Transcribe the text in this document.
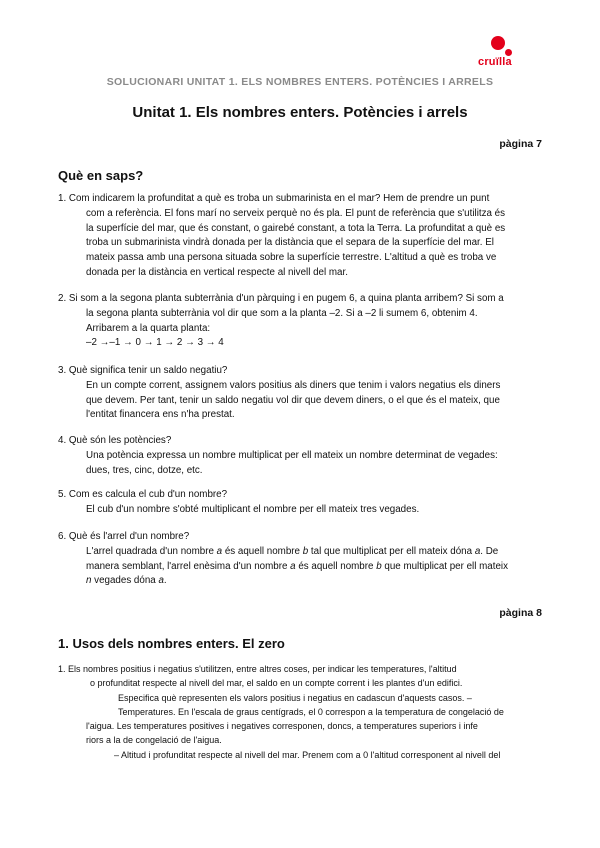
cruïlla
SOLUCIONARI UNITAT 1. ELS NOMBRES ENTERS. POTÈNCIES I ARRELS
Unitat 1. Els nombres enters. Potències i arrels
pàgina 7
Què en saps?
1. Com indicarem la profunditat a què es troba un submarinista en el mar? Hem de prendre un punt
com a referència. El fons marí no serveix perquè no és pla. El punt de referència que s'utilitza és
la superfície del mar, que és constant, o gairebé constant, a tota la Terra. La profunditat a què es
troba un submarinista vindrà donada per la distància que el separa de la superfície del mar. El
mateix passa amb una persona situada sobre la superfície terrestre. L'altitud a què es troba ve
donada per la distància en vertical respecte al nivell del mar.
2. Si som a la segona planta subterrània d'un pàrquing i en pugem 6, a quina planta arribem? Si som a
la segona planta subterrània vol dir que som a la planta –2. Si a –2 li sumem 6, obtenim 4.
Arribarem a la quarta planta:
–2 →–1 → 0 → 1 → 2 → 3 → 4
3. Què significa tenir un saldo negatiu?
En un compte corrent, assignem valors positius als diners que tenim i valors negatius els diners
que devem. Per tant, tenir un saldo negatiu vol dir que devem diners, o el que és el mateix, que
l'entitat financera ens n'ha prestat.
4. Què són les potències?
Una potència expressa un nombre multiplicat per ell mateix un nombre determinat de vegades:
dues, tres, cinc, dotze, etc.
5. Com es calcula el cub d'un nombre?
El cub d'un nombre s'obté multiplicant el nombre per ell mateix tres vegades.
6. Què és l'arrel d'un nombre?
L'arrel quadrada d'un nombre a és aquell nombre b tal que multiplicat per ell mateix dóna a. De
manera semblant, l'arrel enèsima d'un nombre a és aquell nombre b que multiplicat per ell mateix
n vegades dóna a.
pàgina 8
1. Usos dels nombres enters. El zero
1. Els nombres positius i negatius s'utilitzen, entre altres coses, per indicar les temperatures, l'altitud
o profunditat respecte al nivell del mar, el saldo en un compte corrent i les plantes d'un edifici.
Especifica què representen els valors positius i negatius en cadascun d'aquests casos. –
Temperatures. En l'escala de graus centígrads, el 0 correspon a la temperatura de congelació de
l'aigua. Les temperatures positives i negatives corresponen, doncs, a temperatures superiors i infe
riors a la de congelació de l'aigua.
– Altitud i profunditat respecte al nivell del mar. Prenem com a 0 l'altitud corresponent al nivell del
